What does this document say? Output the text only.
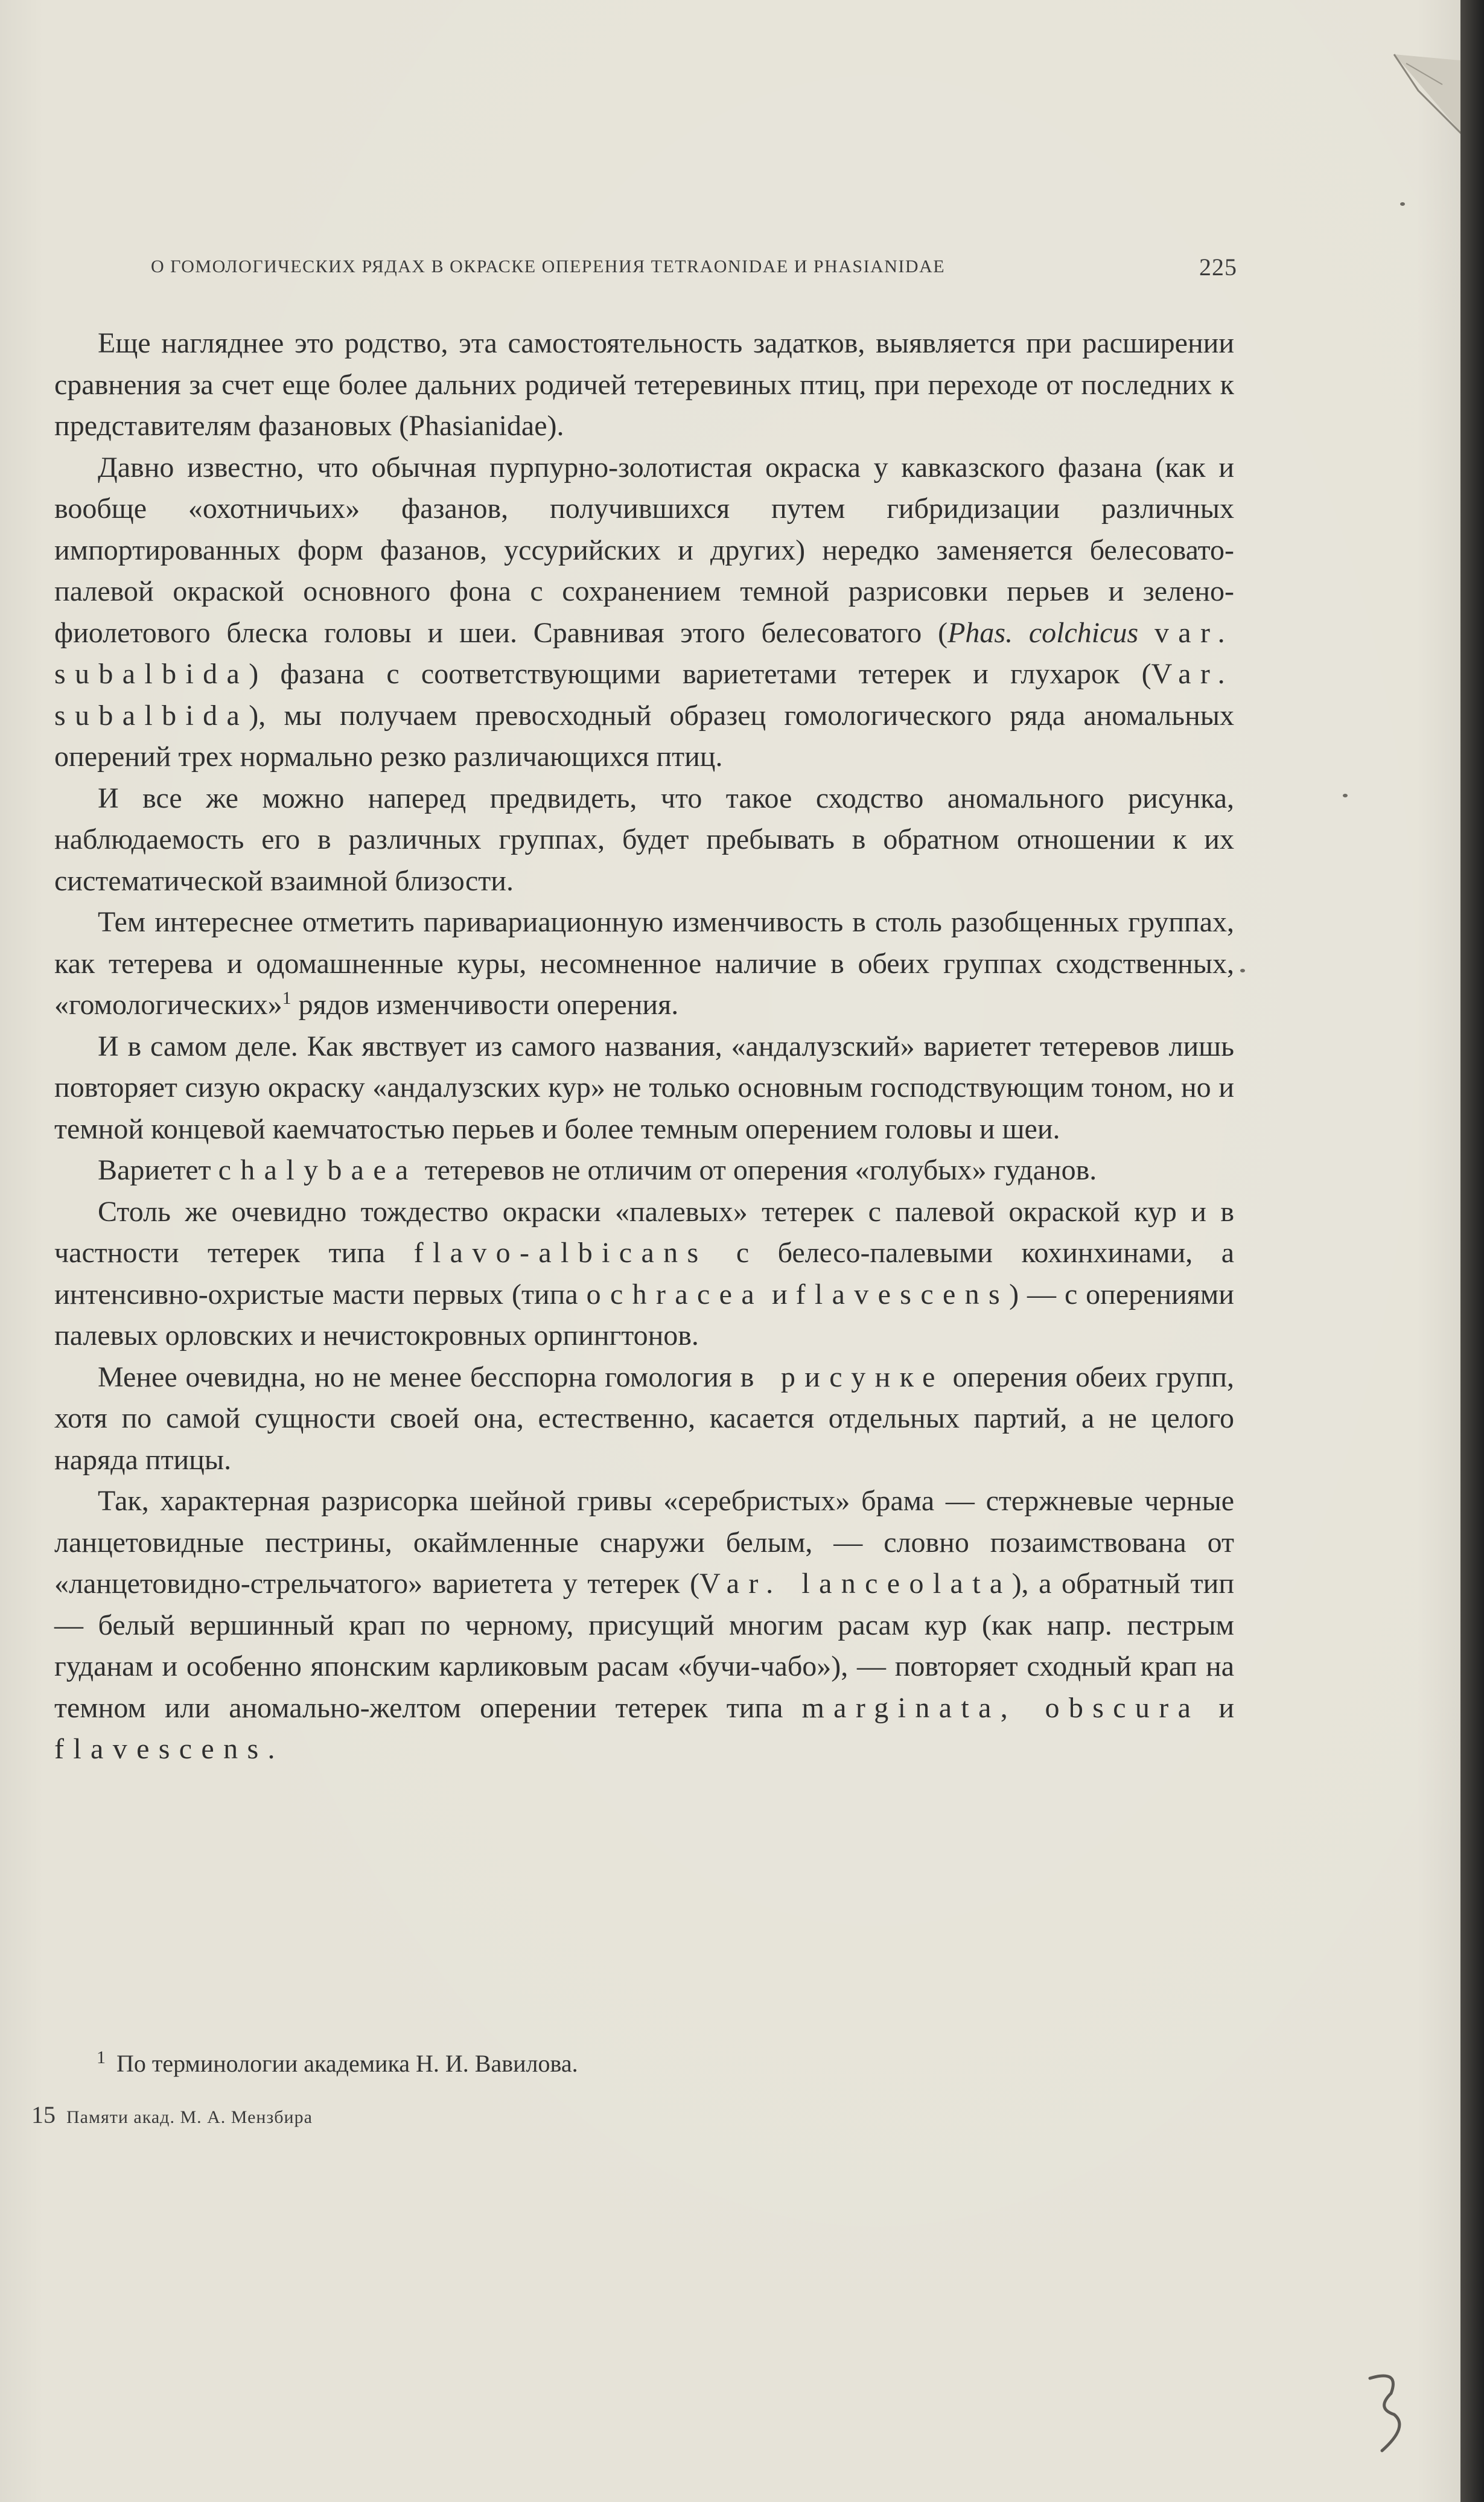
О ГОМОЛОГИЧЕСКИХ РЯДАХ В ОКРАСКЕ ОПЕРЕНИЯ TETRAONIDAE И PHASIANIDAE	225

Еще нагляднее это родство, эта самостоятельность задатков, выявляется при расширении сравнения за счет еще более дальних родичей тетеревиных птиц, при переходе от последних к представителям фазановых (Phasianidae).

Давно известно, что обычная пурпурно-золотистая окраска у кавказского фазана (как и вообще «охотничьих» фазанов, получившихся путем гибридизации различных импортированных форм фазанов, уссурийских и других) нередко заменяется белесовато-палевой окраской основного фона с сохранением темной разрисовки перьев и зелено-фиолетового блеска головы и шеи. Сравнивая этого белесоватого (Phas. colchicus var. subalbida) фазана с соответствующими вариететами тетерек и глухарок (Var. subalbida), мы получаем превосходный образец гомологического ряда аномальных оперений трех нормально резко различающихся птиц.

И все же можно наперед предвидеть, что такое сходство аномального рисунка, наблюдаемость его в различных группах, будет пребывать в обратном отношении к их систематической взаимной близости.

Тем интереснее отметить паривариационную изменчивость в столь разобщенных группах, как тетерева и одомашненные куры, несомненное наличие в обеих группах сходственных, «гомологических»$^1$ рядов изменчивости оперения.

И в самом деле. Как явствует из самого названия, «андалузский» вариетет тетеревов лишь повторяет сизую окраску «андалузских кур» не только основным господствующим тоном, но и темной концевой каемчатостью перьев и более темным оперением головы и шеи.

Вариетет chalybaea тетеревов не отличим от оперения «голубых» гуданов.

Столь же очевидно тождество окраски «палевых» тетерек с палевой окраской кур и в частности тетерек типа flavo-albicans с белесо-палевыми кохинхинами, а интенсивно-охристые масти первых (типа ochracea и flavescens) — с оперениями палевых орловских и нечистокровных орпингтонов.

Менее очевидна, но не менее бесспорна гомология в рисунке оперения обеих групп, хотя по самой сущности своей она, естественно, касается отдельных партий, а не целого наряда птицы.

Так, характерная разрисорка шейной гривы «серебристых» брама — стержневые черные ланцетовидные пестрины, окаймленные снаружи белым, — словно позаимствована от «ланцетовидно-стрельчатого» вариетета у тетерек (Var. lanceolata), а обратный тип — белый вершинный крап по черному, присущий многим расам кур (как напр. пестрым гуданам и особенно японским карликовым расам «бучи-чабо»), — повторяет сходный крап на темном или аномально-желтом оперении тетерек типа marginata, obscura и flavescens.

$^1$ По терминологии академика Н. И. Вавилова.
15 Памяти акад. М. А. Мензбира
